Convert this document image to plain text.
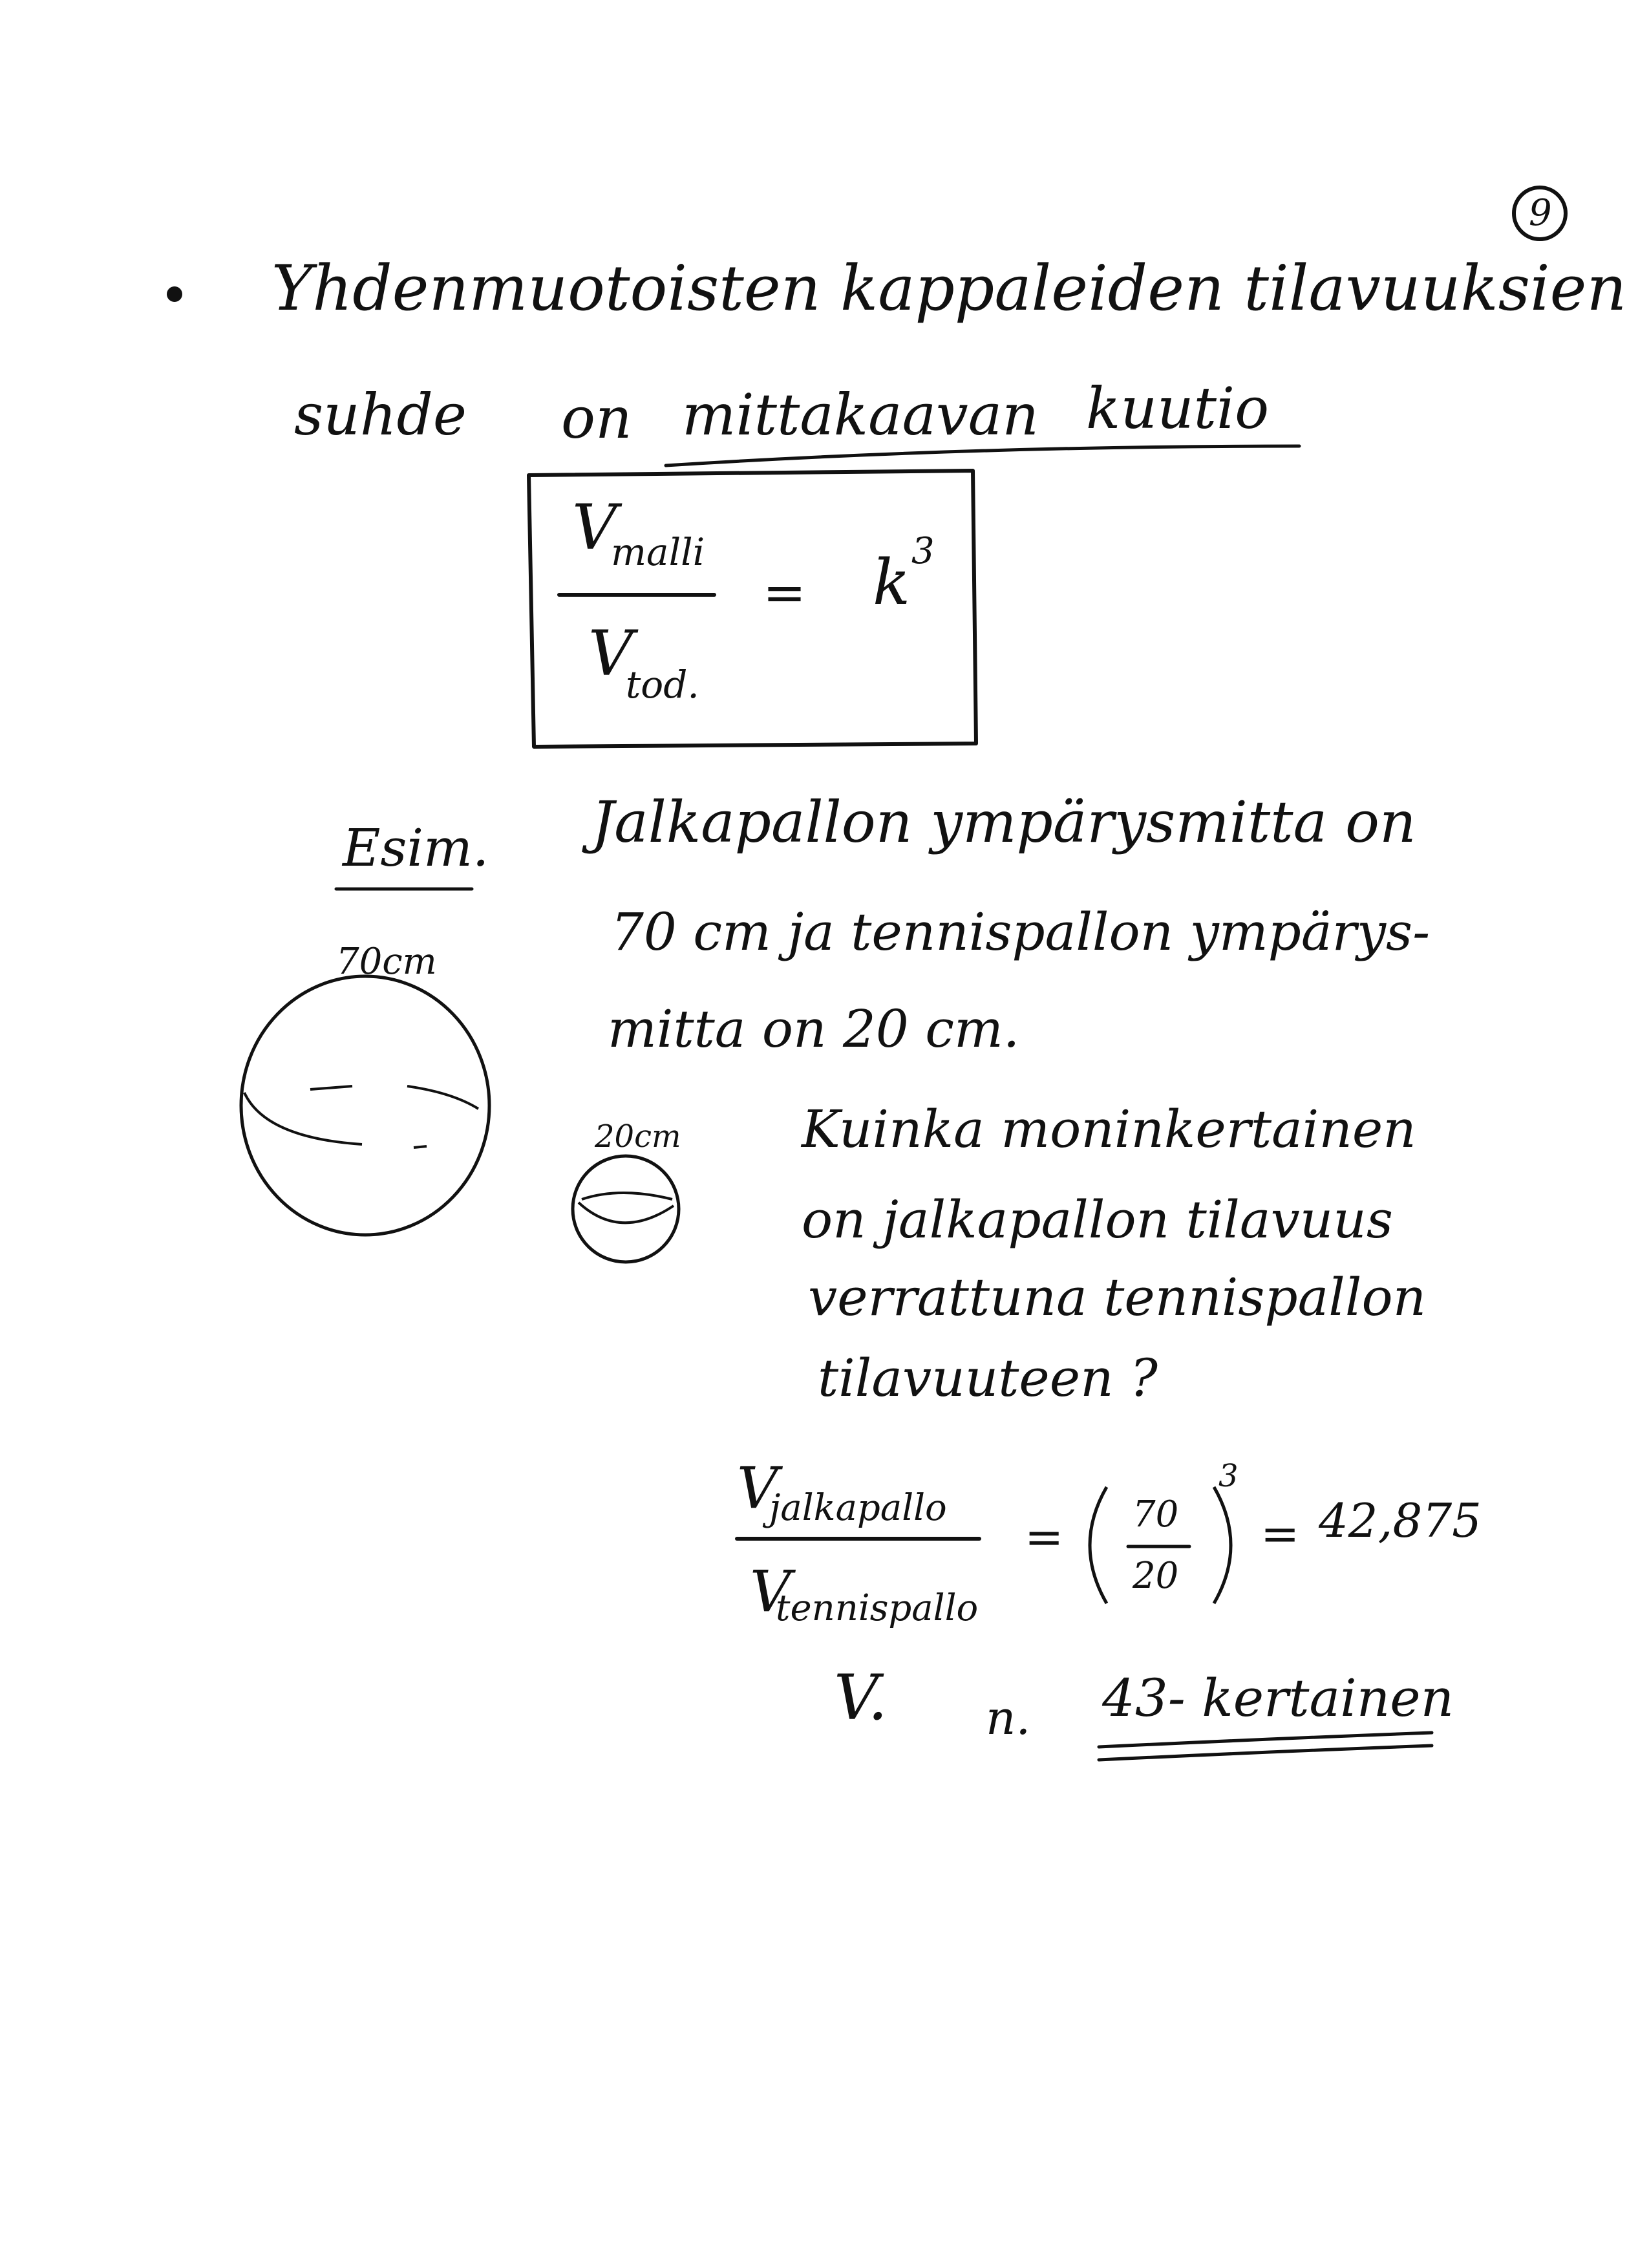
9
Yhdenmuotoisten kappaleiden tilavuuksien
suhde on mittakaavan kuutio
V
malli
V
tod.
= k 3
Esim. Jalkapallon ympärysmitta on
70 cm ja tennispallon ympärys-
mitta on 20 cm.
70cm
20cm Kuinka moninkertainen
on jalkapallon tilavuus
verrattuna tennispallon
tilavuuteen ?
V
jalkapallo
V
tennispallo
= 70
20
3
= 42,875
V. n. 43- kertainen
